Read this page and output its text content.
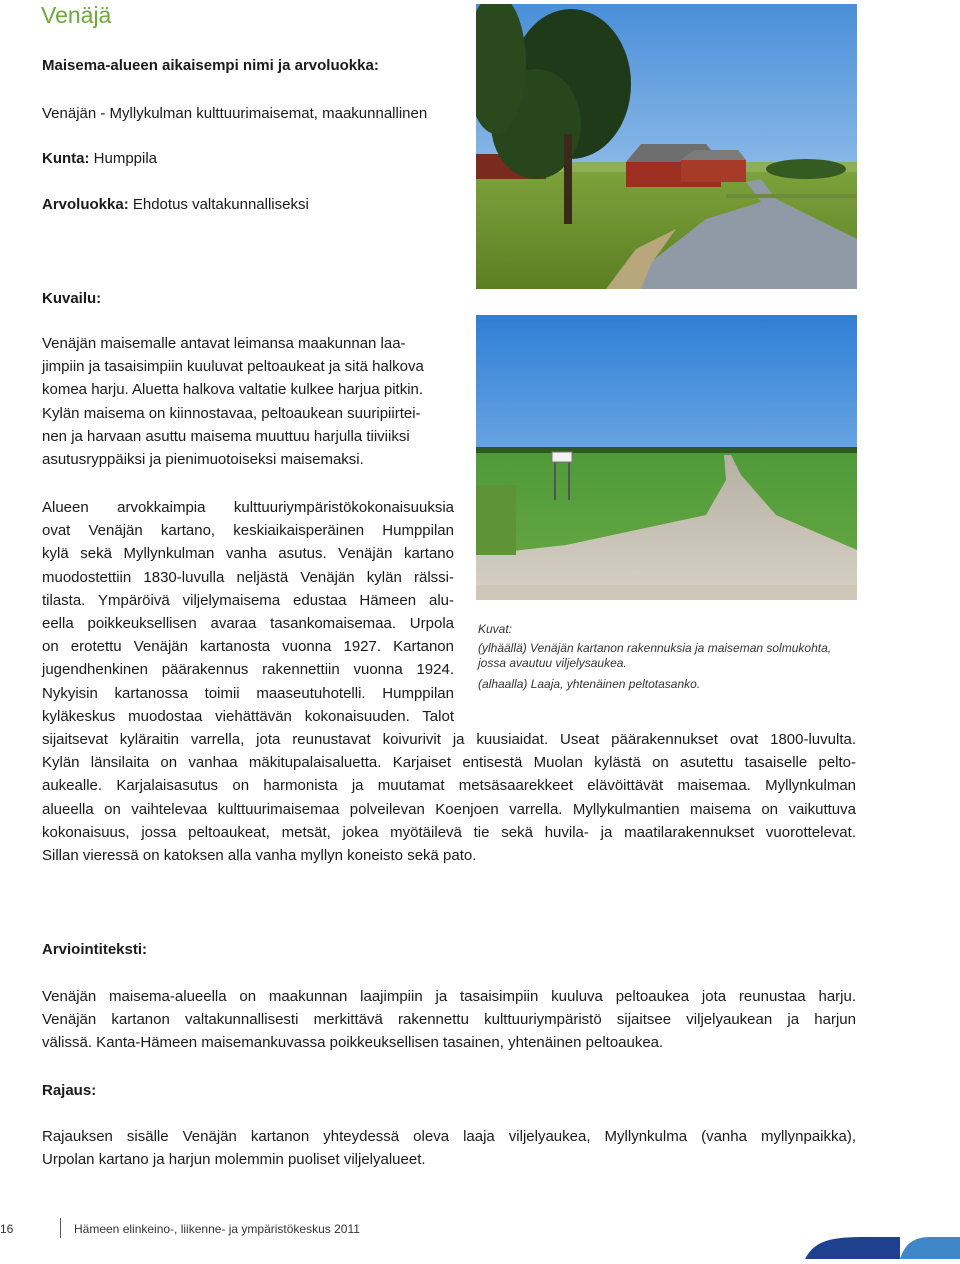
Venäjä
Maisema-alueen aikaisempi nimi ja arvoluokka:
Venäjän - Myllykulman kulttuurimaisemat, maakunnallinen
Kunta: Humppila
Arvoluokka: Ehdotus valtakunnalliseksi
Kuvailu:
Venäjän maisemalle antavat leimansa maakunnan laa-
jimpiin ja tasaisimpiin kuuluvat peltoaukeat ja sitä halkova
komea harju. Aluetta halkova valtatie kulkee harjua pitkin.
Kylän maisema on kiinnostavaa, peltoaukean suuripiirtei-
nen ja harvaan asuttu maisema muuttuu harjulla tiiviiksi
asutusryppäiksi ja pienimuotoiseksi maisemaksi.
Alueen arvokkaimpia kulttuuriympäristökokonaisuuksia
ovat Venäjän kartano, keskiaikaisperäinen Humppilan
kylä sekä Myllynkulman vanha asutus. Venäjän kartano
muodostettiin 1830-luvulla neljästä Venäjän kylän rälssi-
tilasta. Ympäröivä viljelymaisema edustaa Hämeen alu-
eella poikkeuksellisen avaraa tasankomaisemaa. Urpola
on erotettu Venäjän kartanosta vuonna 1927. Kartanon
jugendhenkinen päärakennus rakennettiin vuonna 1924.
Nykyisin kartanossa toimii maaseutuhotelli. Humppilan
kyläkeskus muodostaa viehättävän kokonaisuuden. Talot
sijaitsevat kyläraitin varrella, jota reunustavat koivurivit ja kuusiaidat. Useat päärakennukset ovat 1800-luvulta.
Kylän länsilaita on vanhaa mäkitupalaisaluetta. Karjaiset entisestä Muolan kylästä on asutettu tasaiselle pelto-
aukealle. Karjalaisasutus on harmonista ja muutamat metsäsaarekkeet elävöittävät maisemaa. Myllynkulman
alueella on vaihtelevaa kulttuurimaisemaa polveilevan Koenjoen varrella. Myllykulmantien maisema on vaikuttuva
kokonaisuus, jossa peltoaukeat, metsät, jokea myötäilevä tie sekä huvila- ja maatilarakennukset vuorottelevat.
Sillan vieressä on katoksen alla vanha myllyn koneisto sekä pato.
Kuvat:
(ylhäällä) Venäjän kartanon rakennuksia ja maiseman solmukohta,
jossa avautuu viljelysaukea.
(alhaalla) Laaja, yhtenäinen peltotasanko.
Arviointiteksti:
Venäjän maisema-alueella on maakunnan laajimpiin ja tasaisimpiin kuuluva peltoaukea jota reunustaa harju.
Venäjän kartanon valtakunnallisesti merkittävä rakennettu kulttuuriympäristö sijaitsee viljelyaukean ja harjun
välissä. Kanta-Hämeen maisemankuvassa poikkeuksellisen tasainen, yhtenäinen peltoaukea.
Rajaus:
Rajauksen sisälle Venäjän kartanon yhteydessä oleva laaja viljelyaukea, Myllynkulma (vanha myllynpaikka),
Urpolan kartano ja harjun molemmin puoliset viljelyalueet.
16	Hämeen elinkeino-, liikenne- ja ympäristökeskus 2011
